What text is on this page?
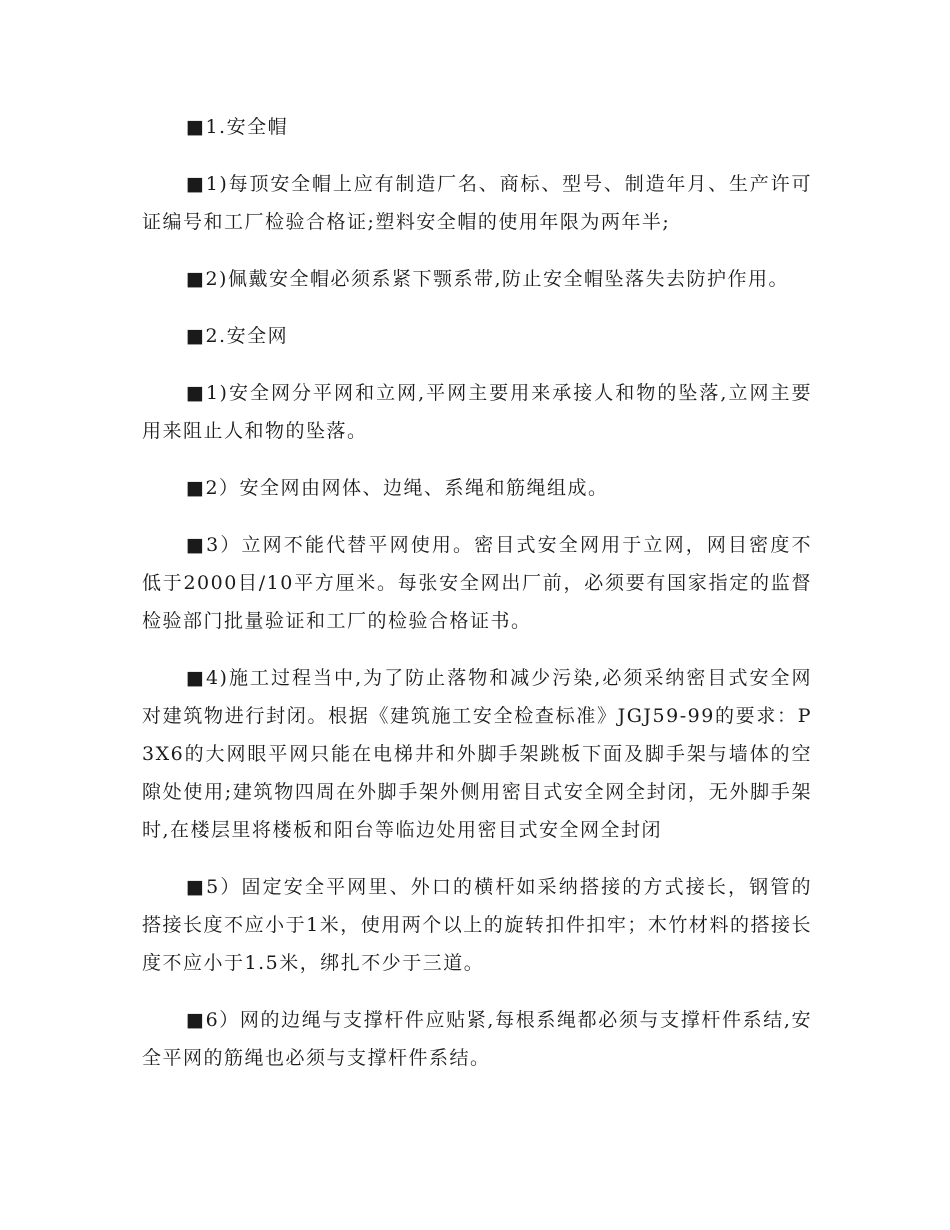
■1.安全帽

■1)每顶安全帽上应有制造厂名、商标、型号、制造年月、生产许可证编号和工厂检验合格证;塑料安全帽的使用年限为两年半;

■2)佩戴安全帽必须系紧下颚系带,防止安全帽坠落失去防护作用。

■2.安全网

■1)安全网分平网和立网,平网主要用来承接人和物的坠落,立网主要用来阻止人和物的坠落。

■2）安全网由网体、边绳、系绳和筋绳组成。

■3）立网不能代替平网使用。密目式安全网用于立网，网目密度不低于2000目/10平方厘米。每张安全网出厂前，必须要有国家指定的监督检验部门批量验证和工厂的检验合格证书。

■4)施工过程当中,为了防止落物和减少污染,必须采纳密目式安全网对建筑物进行封闭。根据《建筑施工安全检查标准》JGJ59-99的要求：P3X6的大网眼平网只能在电梯井和外脚手架跳板下面及脚手架与墙体的空隙处使用;建筑物四周在外脚手架外侧用密目式安全网全封闭，无外脚手架时,在楼层里将楼板和阳台等临边处用密目式安全网全封闭

■5）固定安全平网里、外口的横杆如采纳搭接的方式接长，钢管的搭接长度不应小于1米，使用两个以上的旋转扣件扣牢；木竹材料的搭接长度不应小于1.5米，绑扎不少于三道。

■6）网的边绳与支撑杆件应贴紧,每根系绳都必须与支撑杆件系结,安全平网的筋绳也必须与支撑杆件系结。
